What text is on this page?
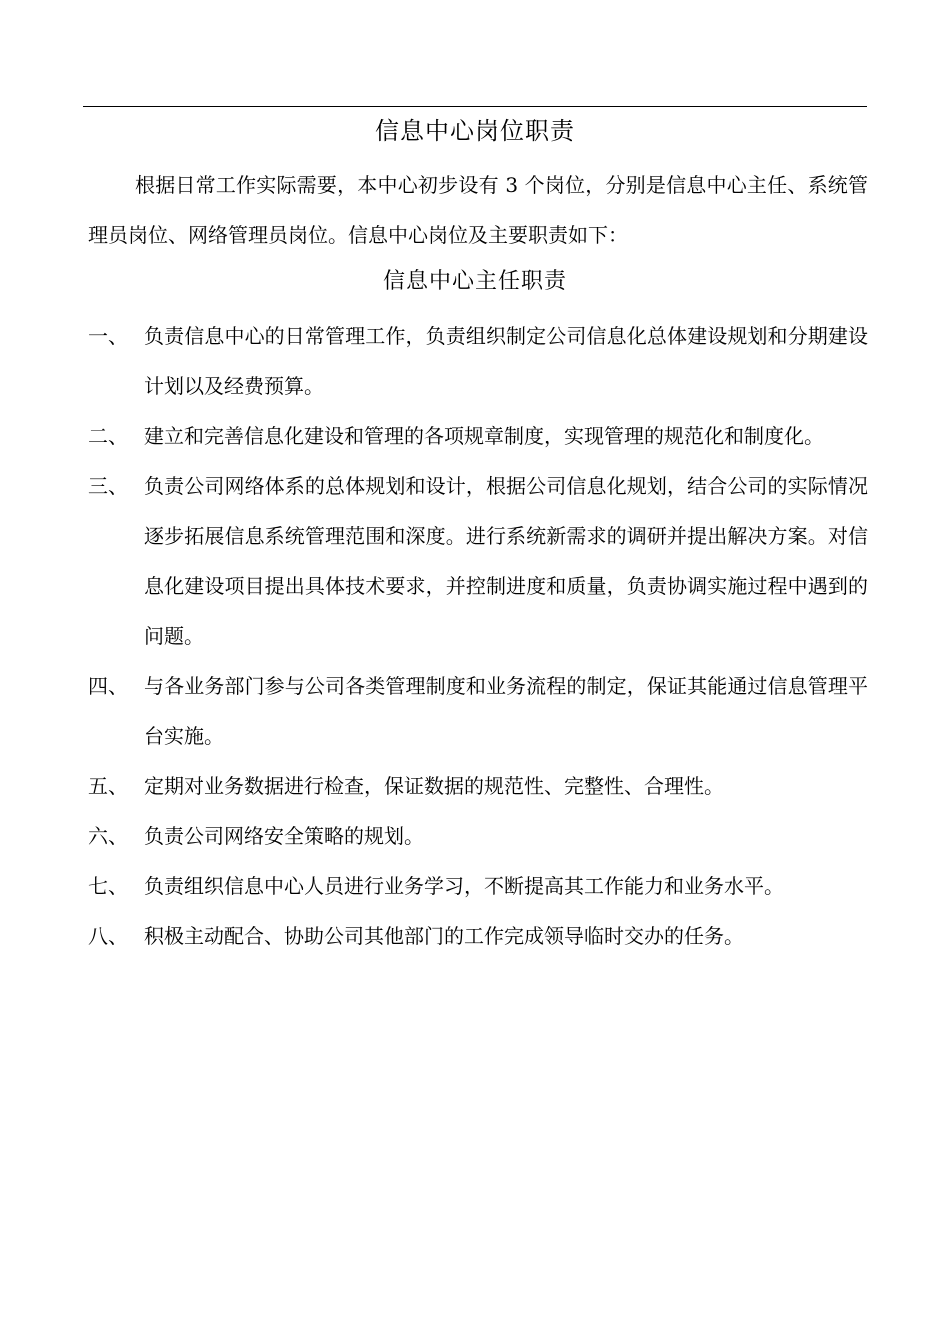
信息中心岗位职责
根据日常工作实际需要，本中心初步设有 3 个岗位，分别是信息中心主任、系统管理员岗位、网络管理员岗位。信息中心岗位及主要职责如下：
信息中心主任职责
一、 负责信息中心的日常管理工作，负责组织制定公司信息化总体建设规划和分期建设计划以及经费预算。
二、 建立和完善信息化建设和管理的各项规章制度，实现管理的规范化和制度化。
三、 负责公司网络体系的总体规划和设计，根据公司信息化规划，结合公司的实际情况逐步拓展信息系统管理范围和深度。进行系统新需求的调研并提出解决方案。对信息化建设项目提出具体技术要求，并控制进度和质量，负责协调实施过程中遇到的问题。
四、 与各业务部门参与公司各类管理制度和业务流程的制定，保证其能通过信息管理平台实施。
五、 定期对业务数据进行检查，保证数据的规范性、完整性、合理性。
六、 负责公司网络安全策略的规划。
七、 负责组织信息中心人员进行业务学习，不断提高其工作能力和业务水平。
八、 积极主动配合、协助公司其他部门的工作完成领导临时交办的任务。
